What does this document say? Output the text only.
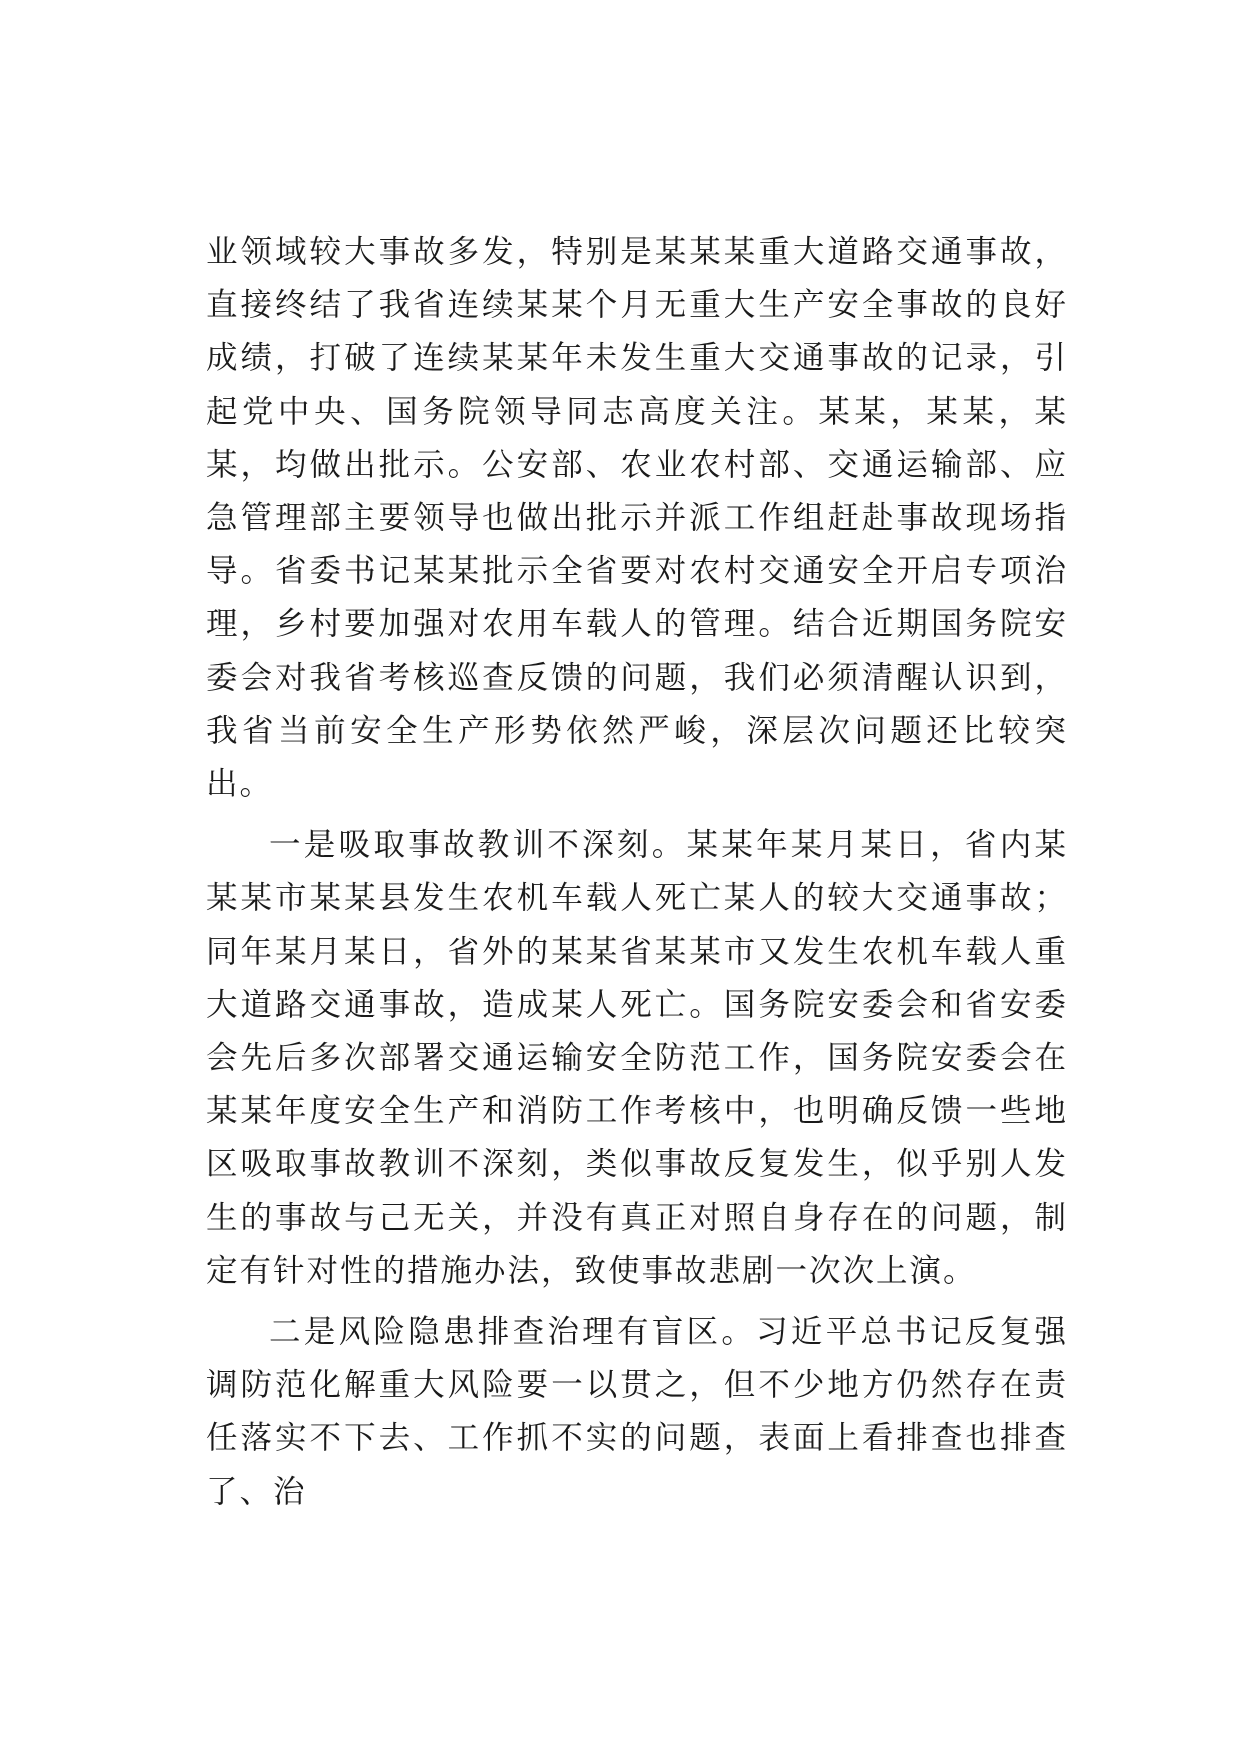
业领域较大事故多发，特别是某某某重大道路交通事故，直接终结了我省连续某某个月无重大生产安全事故的良好成绩，打破了连续某某年未发生重大交通事故的记录，引起党中央、国务院领导同志高度关注。某某，某某，某某，均做出批示。公安部、农业农村部、交通运输部、应急管理部主要领导也做出批示并派工作组赶赴事故现场指导。省委书记某某批示全省要对农村交通安全开启专项治理，乡村要加强对农用车载人的管理。结合近期国务院安委会对我省考核巡查反馈的问题，我们必须清醒认识到，我省当前安全生产形势依然严峻，深层次问题还比较突出。

一是吸取事故教训不深刻。某某年某月某日，省内某某某市某某县发生农机车载人死亡某人的较大交通事故；同年某月某日，省外的某某省某某市又发生农机车载人重大道路交通事故，造成某人死亡。国务院安委会和省安委会先后多次部署交通运输安全防范工作，国务院安委会在某某年度安全生产和消防工作考核中，也明确反馈一些地区吸取事故教训不深刻，类似事故反复发生，似乎别人发生的事故与己无关，并没有真正对照自身存在的问题，制定有针对性的措施办法，致使事故悲剧一次次上演。

二是风险隐患排查治理有盲区。习近平总书记反复强调防范化解重大风险要一以贯之，但不少地方仍然存在责任落实不下去、工作抓不实的问题，表面上看排查也排查了、治
